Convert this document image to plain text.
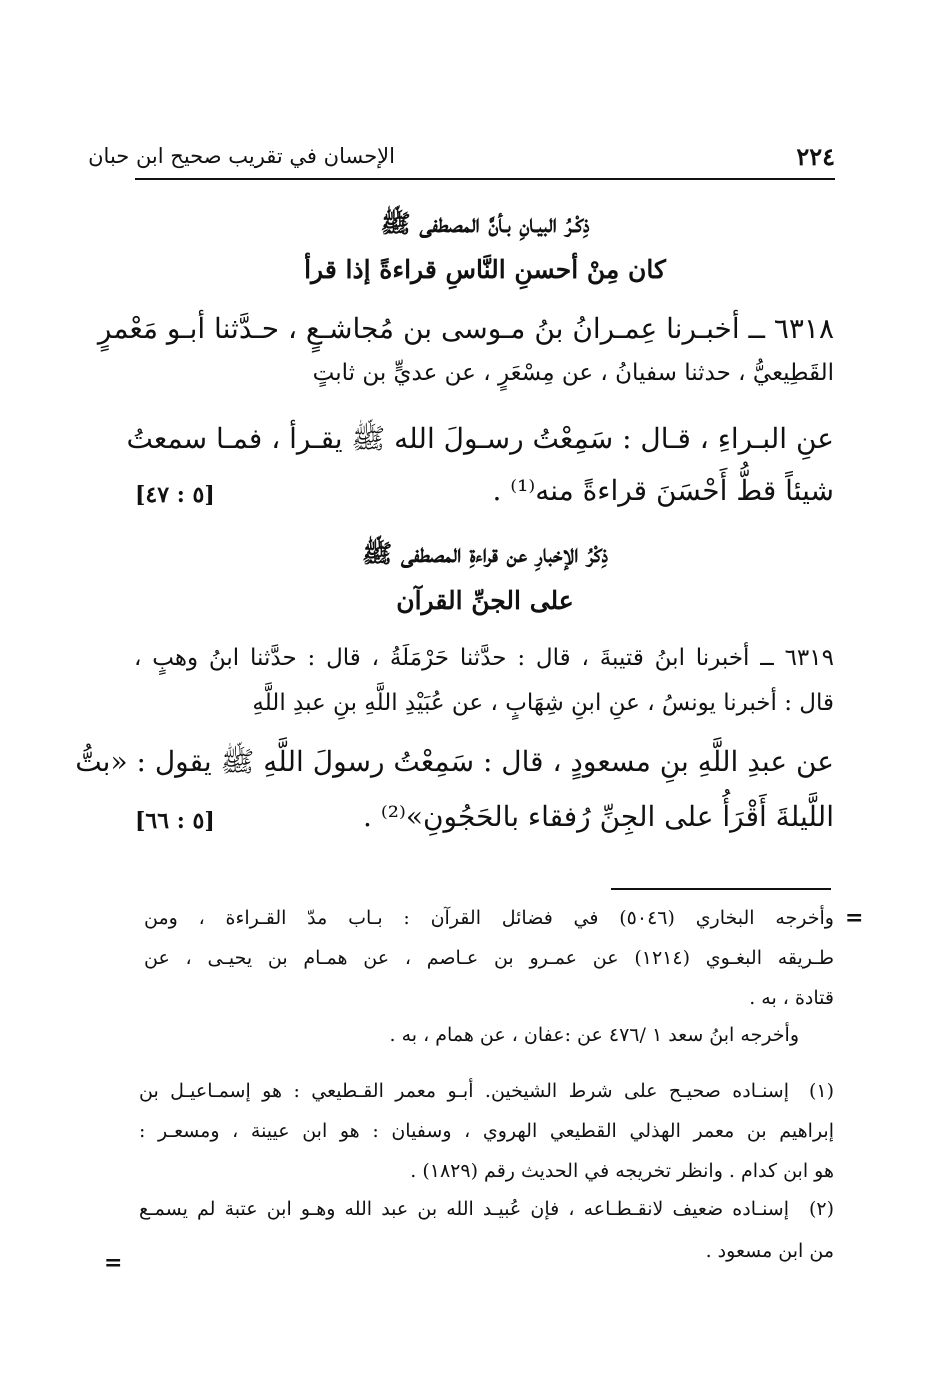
الإحسان في تقريب صحيح ابن حبان	٢٢٤
ذِكْـرُ البيـانِ بـأنَّ المصطفى ﷺ
كان مِنْ أحسنِ النَّاسِ قراءةً إذا قرأ
٦٣١٨ ــ أخبـرنا عِمـرانُ بنُ مـوسى بن مُجاشـعٍ ، حـدَّثنا أبـو مَعْمرٍ
القَطِيعيُّ ، حدثنا سفيانُ ، عن مِسْعَرٍ ، عن عديٍّ بن ثابتٍ
عنِ البـراءِ ، قـال : سَمِعْتُ رسـولَ الله ﷺ يقـرأ ، فمـا سمعتُ
شيئاً قطُّ أَحْسَنَ قراءةً منه⁽¹⁾ .
[٥ : ٤٧]
ذِكْرُ الإخبارِ عن قراءةِ المصطفى ﷺ
على الجنِّ القرآن
٦٣١٩ ــ أخبرنا ابنُ قتيبةَ ، قال : حدَّثنا حَرْمَلَةُ ، قال : حدَّثنا ابنُ وهبٍ ،
قال : أخبرنا يونسُ ، عنِ ابنِ شِهَابٍ ، عن عُبَيْدِ اللَّهِ بنِ عبدِ اللَّهِ
عن عبدِ اللَّهِ بنِ مسعودٍ ، قال : سَمِعْتُ رسولَ اللَّهِ ﷺ يقول : «بتُّ
اللَّيلةَ أَقْرَأُ على الجِنِّ رُفقاء بالحَجُونِ»⁽²⁾ .
[٥ : ٦٦]
=
وأخرجه البخاري (٥٠٤٦) في فضائل القرآن : بـاب مدّ القـراءة ، ومن
طـريقه البغـوي (١٢١٤) عن عمـرو بن عـاصم ، عن همـام بن يحيـى ، عن
قتادة ، به .
وأخرجه ابنُ سعد ١ /٤٧٦ عن :عفان ، عن همام ، به .
(١)
إسنـاده صحيـح على شرط الشيخين. أبـو معمر القـطيعي : هو إسمـاعيـل بن
إبراهيم بن معمر الهذلي القطيعي الهروي ، وسفيان : هو ابن عيينة ، ومسعـر :
هو ابن كدام . وانظر تخريجه في الحديث رقم (١٨٢٩) .
(٢)
إسنـاده ضعيف لانقـطـاعه ، فإن عُبيـد الله بن عبد الله وهـو ابن عتبة لم يسمـع
من ابن مسعود .
=
